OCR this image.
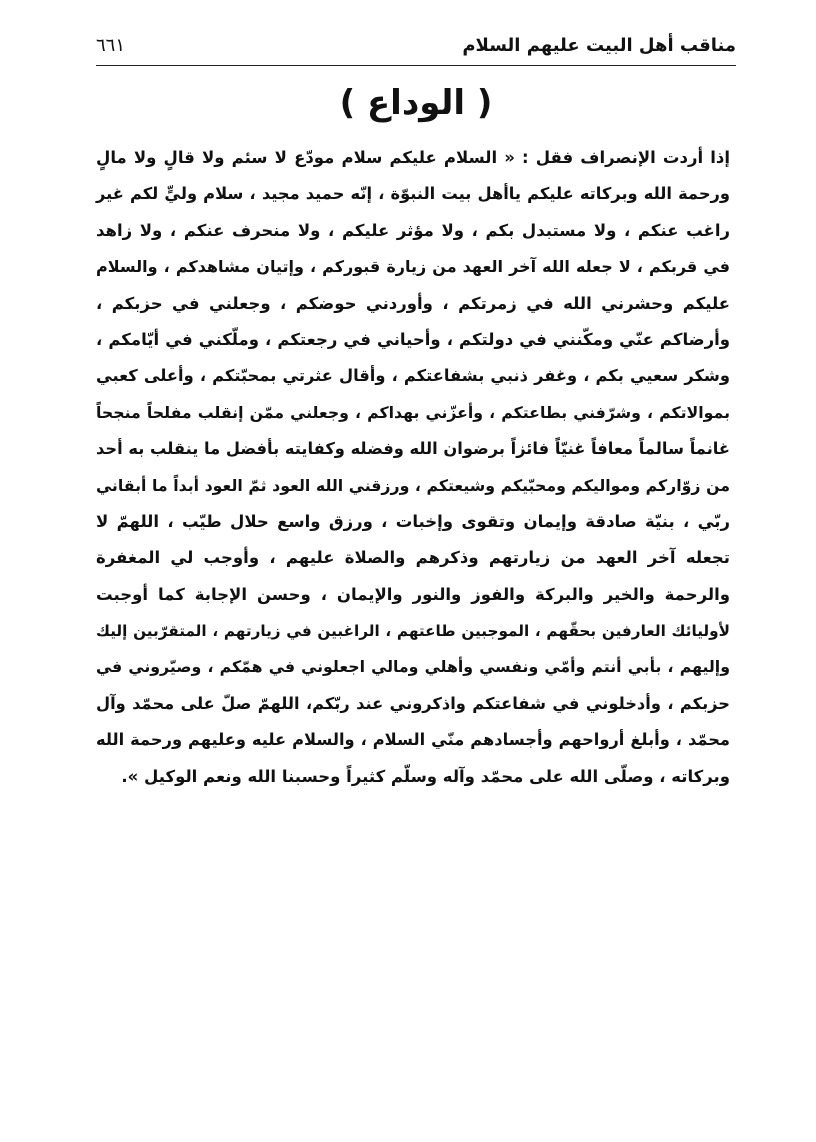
مناقب أهل البيت عليهم السلام
٦٦١
( الوداع )
إذا أردت الإنصراف فقل : « السلام عليكم سلام مودّع لا سئم ولا قالٍ ولا مالٍ
ورحمة الله وبركاته عليكم ياأهل بيت النبوّة ، إنّه حميد مجيد ، سلام وليٍّ لكم غير
راغب عنكم ، ولا مستبدل بكم ، ولا مؤثر عليكم ، ولا منحرف عنكم ، ولا زاهد
في قربكم ، لا جعله الله آخر العهد من زيارة قبوركم ، وإتيان مشاهدكم ، والسلام
عليكم وحشرني الله في زمرتكم ، وأوردني حوضكم ، وجعلني في حزبكم ،
وأرضاكم عنّي ومكّنني في دولتكم ، وأحياني في رجعتكم ، وملّكني في أيّامكم ،
وشكر سعيي بكم ، وغفر ذنبي بشفاعتكم ، وأقال عثرتي بمحبّتكم ، وأعلى كعبي
بموالاتكم ، وشرّفني بطاعتكم ، وأعزّني بهداكم ، وجعلني ممّن إنقلب مفلحاً منجحاً
غانماً سالماً معافاً غنيّاً فائزاً برضوان الله وفضله وكفايته بأفضل ما ينقلب به أحد
من زوّاركم ومواليكم ومحبّيكم وشيعتكم ، ورزقني الله العود ثمّ العود أبداً ما أبقاني
ربّي ، بنيّة صادقة وإيمان وتقوى وإخبات ، ورزق واسع حلال طيّب ، اللهمّ لا
تجعله آخر العهد من زيارتهم وذكرهم والصلاة عليهم ، وأوجب لي المغفرة
والرحمة والخير والبركة والفوز والنور والإيمان ، وحسن الإجابة كما أوجبت
لأوليائك العارفين بحقّهم ، الموجبين طاعتهم ، الراغبين في زيارتهم ، المتقرّبين إليك
وإليهم ، بأبي أنتم وأمّي ونفسي وأهلي ومالي اجعلوني في همّكم ، وصيّروني في
حزبكم ، وأدخلوني في شفاعتكم واذكروني عند ربّكم، اللهمّ صلّ على محمّد وآل
محمّد ، وأبلغ أرواحهم وأجسادهم منّي السلام ، والسلام عليه وعليهم ورحمة الله
وبركاته ، وصلّى الله على محمّد وآله وسلّم كثيراً وحسبنا الله ونعم الوكيل ».
